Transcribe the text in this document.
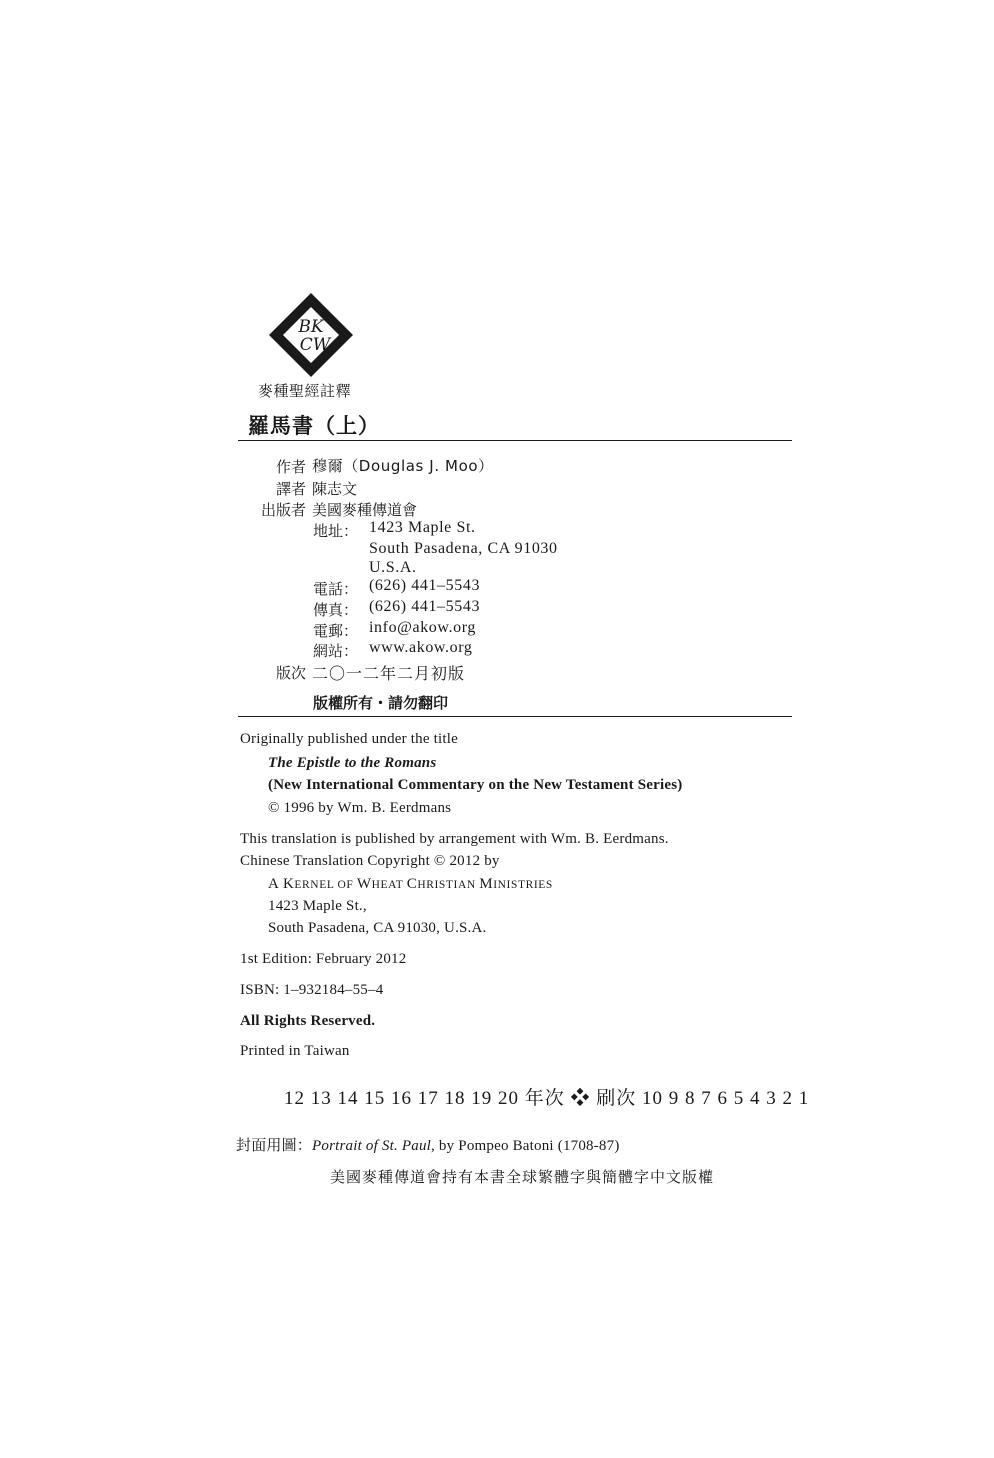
BK
CW
麥種聖經註釋
羅馬書（上）
作者 穆爾（Douglas J. Moo）
譯者 陳志文
出版者 美國麥種傳道會
地址： 1423 Maple St.
South Pasadena, CA 91030
U.S.A.
電話： (626) 441–5543
傳真： (626) 441–5543
電郵： info@akow.org
網站： www.akow.org
版次 二〇一二年二月初版
版權所有・請勿翻印
Originally published under the title
The Epistle to the Romans
(New International Commentary on the New Testament Series)
© 1996 by Wm. B. Eerdmans
This translation is published by arrangement with Wm. B. Eerdmans.
Chinese Translation Copyright © 2012 by
A KERNEL OF WHEAT CHRISTIAN MINISTRIES
1423 Maple St.,
South Pasadena, CA 91030, U.S.A.
1st Edition: February 2012
ISBN: 1–932184–55–4
All Rights Reserved.
Printed in Taiwan
12 13 14 15 16 17 18 19 20 年次 ❖ 刷次 10 9 8 7 6 5 4 3 2 1
封面用圖：Portrait of St. Paul, by Pompeo Batoni (1708-87)
美國麥種傳道會持有本書全球繁體字與簡體字中文版權
